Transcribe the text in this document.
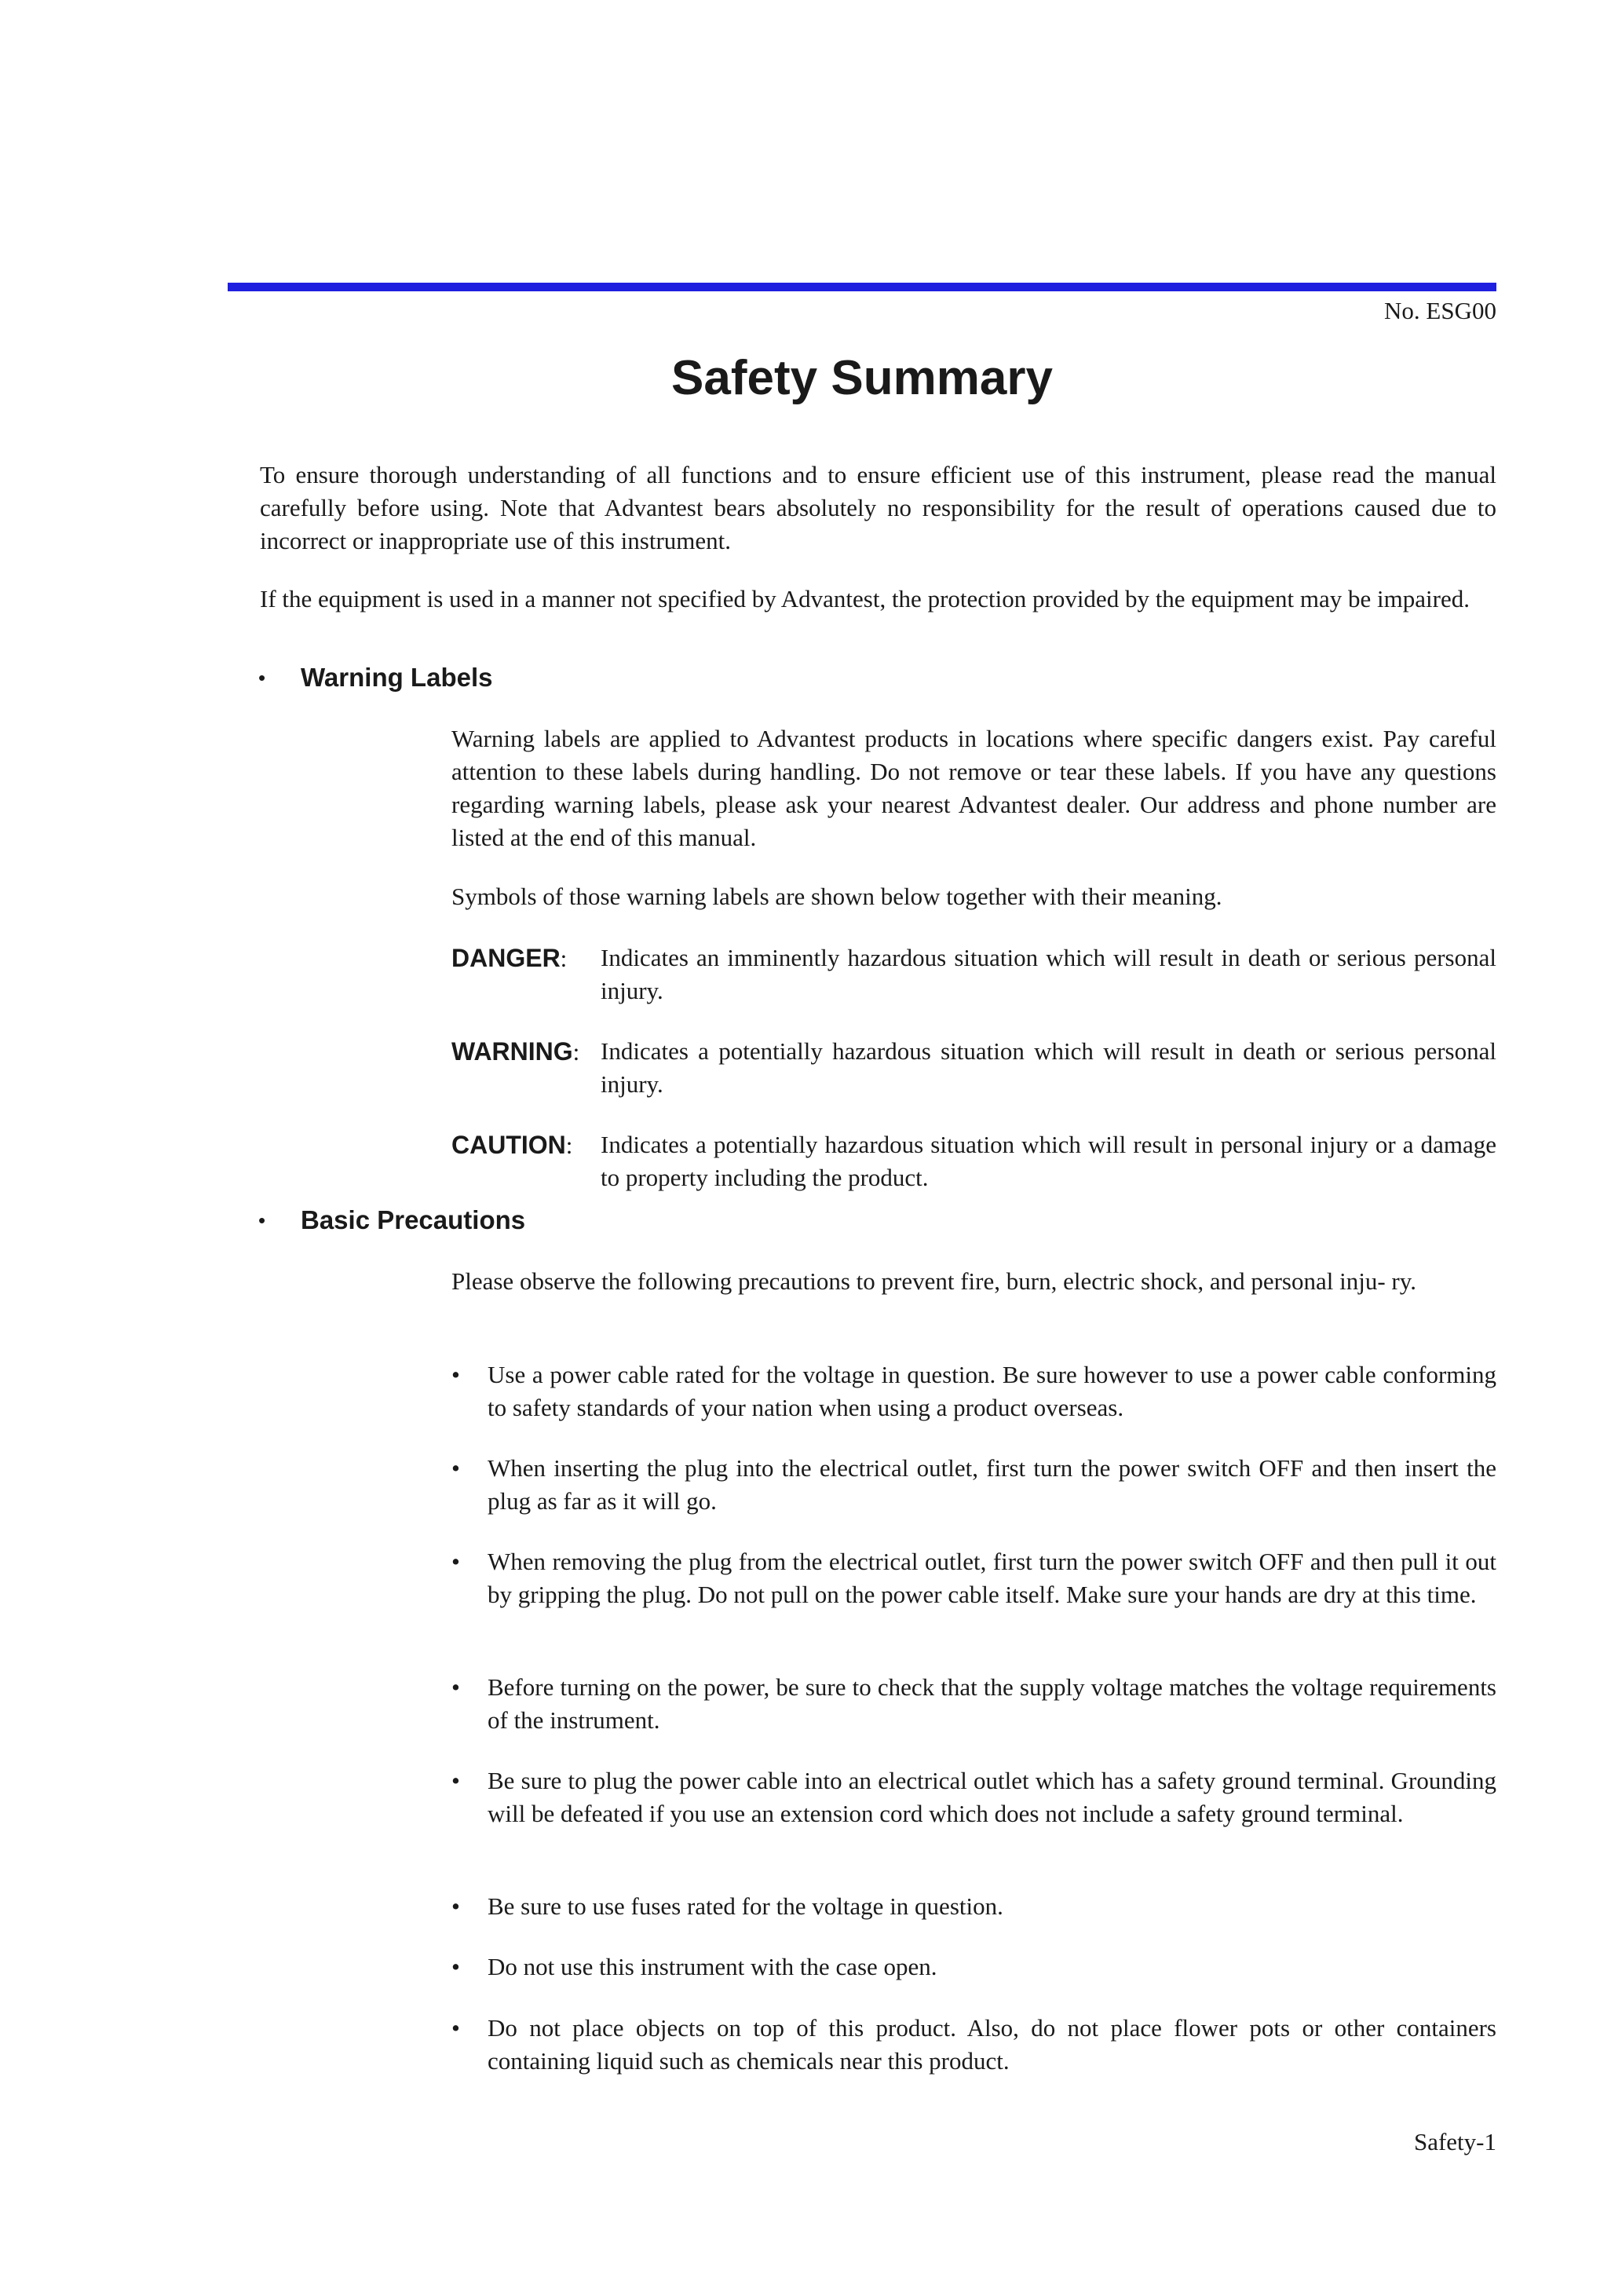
No. ESG00
Safety Summary

To ensure thorough understanding of all functions and to ensure efficient use of this instrument, please read the manual carefully before using. Note that Advantest bears absolutely no responsibility for the result of operations caused due to incorrect or inappropriate use of this instrument.

If the equipment is used in a manner not specified by Advantest, the protection provided by the equipment may be impaired.

• Warning Labels

Warning labels are applied to Advantest products in locations where specific dangers exist. Pay careful attention to these labels during handling. Do not remove or tear these labels. If you have any questions regarding warning labels, please ask your nearest Advantest dealer. Our address and phone number are listed at the end of this manual.

Symbols of those warning labels are shown below together with their meaning.

DANGER: Indicates an imminently hazardous situation which will result in death or serious personal injury.
WARNING: Indicates a potentially hazardous situation which will result in death or serious personal injury.
CAUTION: Indicates a potentially hazardous situation which will result in personal injury or a damage to property including the product.
• Basic Precautions

Please observe the following precautions to prevent fire, burn, electric shock, and personal inju- ry.

•	Use a power cable rated for the voltage in question. Be sure however to use a power cable conforming to safety standards of your nation when using a product overseas.
•	When inserting the plug into the electrical outlet, first turn the power switch OFF and then insert the plug as far as it will go.
•	When removing the plug from the electrical outlet, first turn the power switch OFF and then pull it out by gripping the plug. Do not pull on the power cable itself. Make sure your hands are dry at this time.
•	Before turning on the power, be sure to check that the supply voltage matches the voltage requirements of the instrument.
•	Be sure to plug the power cable into an electrical outlet which has a safety ground terminal. Grounding will be defeated if you use an extension cord which does not include a safety ground terminal.
•	Be sure to use fuses rated for the voltage in question.
•	Do not use this instrument with the case open.
•	Do not place objects on top of this product. Also, do not place flower pots or other containers containing liquid such as chemicals near this product.
Safety-1
